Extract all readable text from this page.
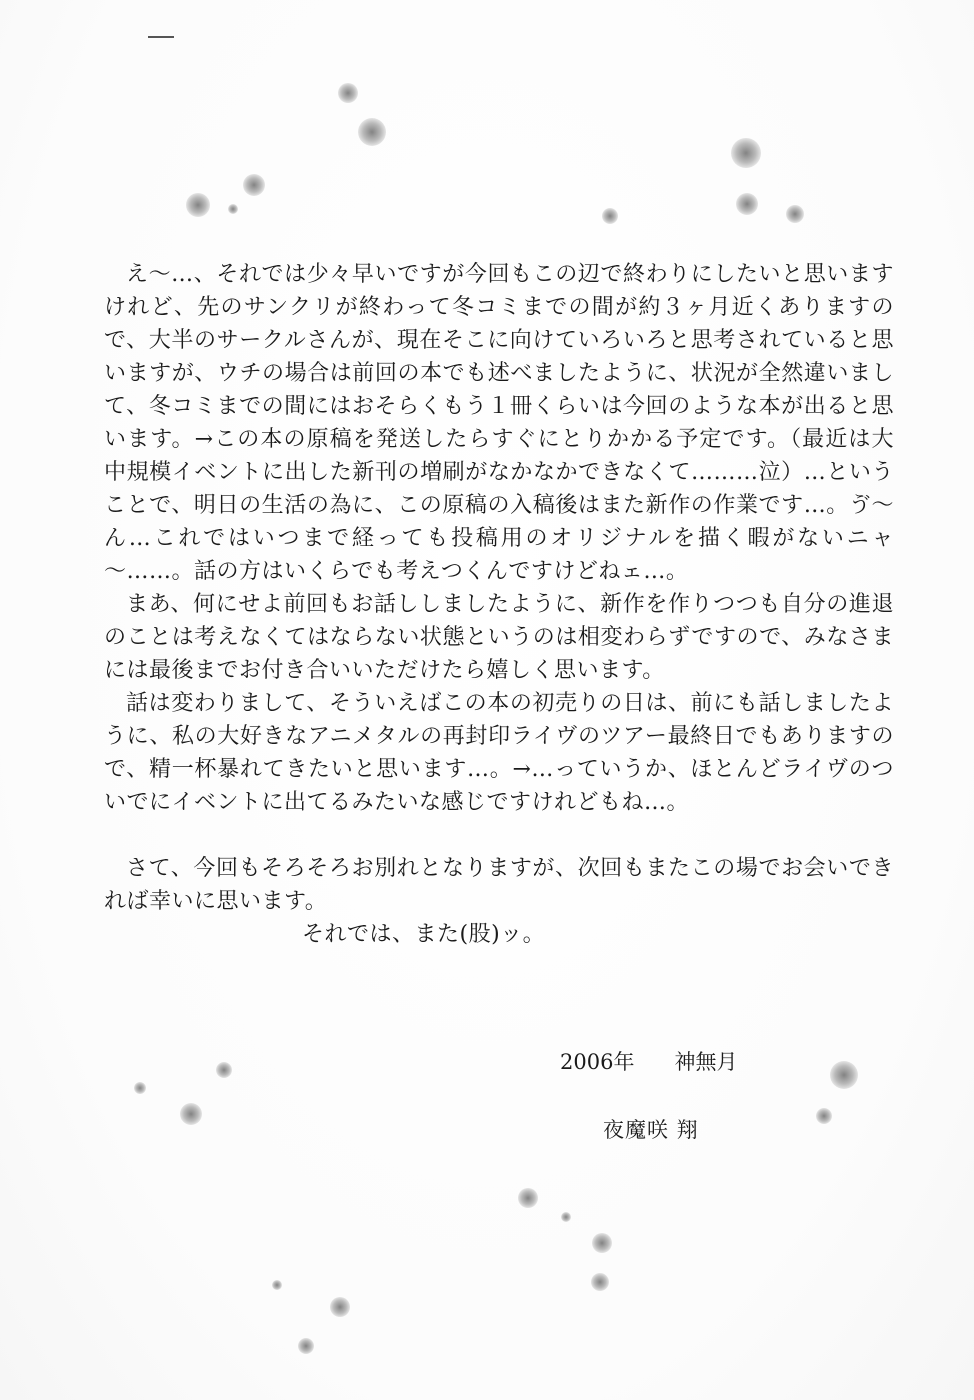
え～…、それでは少々早いですが今回もこの辺で終わりにしたいと思いますけれど、先のサンクリが終わって冬コミまでの間が約３ヶ月近くありますので、大半のサークルさんが、現在そこに向けていろいろと思考されていると思いますが、ウチの場合は前回の本でも述べましたように、状況が全然違いまして、冬コミまでの間にはおそらくもう１冊くらいは今回のような本が出ると思います。→この本の原稿を発送したらすぐにとりかかる予定です。（最近は大中規模イベントに出した新刊の増刷がなかなかできなくて………泣）…ということで、明日の生活の為に、この原稿の入稿後はまた新作の作業です…。ゔ～ん…これではいつまで経っても投稿用のオリジナルを描く暇がないニャ～……。話の方はいくらでも考えつくんですけどねェ…。

まあ、何にせよ前回もお話ししましたように、新作を作りつつも自分の進退のことは考えなくてはならない状態というのは相変わらずですので、みなさまには最後までお付き合いいただけたら嬉しく思います。

話は変わりまして、そういえばこの本の初売りの日は、前にも話しましたように、私の大好きなアニメタルの再封印ライヴのツアー最終日でもありますので、精一杯暴れてきたいと思います…。→…っていうか、ほとんどライヴのついでにイベントに出てるみたいな感じですけれどもね…。

さて、今回もそろそろお別れとなりますが、次回もまたこの場でお会いできれば幸いに思います。

それでは、また(股)ッ。

2006年 神無月
夜魔咲 翔
